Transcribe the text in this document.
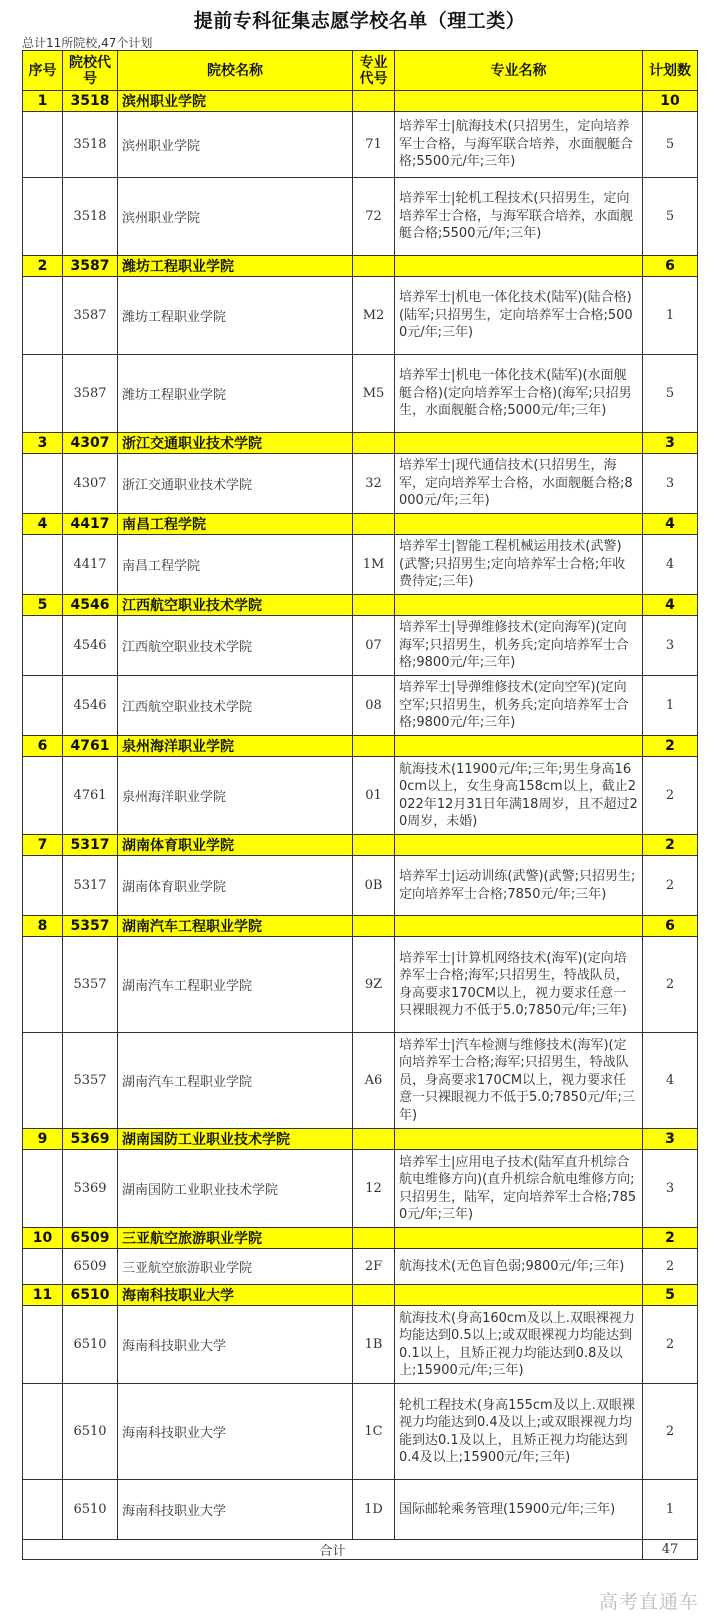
提前专科征集志愿学校名单（理工类）
总计11所院校,47个计划
序号	院校代号	院校名称	专业代号	专业名称	计划数
1	3518	滨州职业学院			10
	3518	滨州职业学院	71	培养军士|航海技术(只招男生，定向培养军士合格，与海军联合培养，水面舰艇合格;5500元/年;三年)	5
	3518	滨州职业学院	72	培养军士|轮机工程技术(只招男生，定向培养军士合格，与海军联合培养，水面舰艇合格;5500元/年;三年)	5
2	3587	潍坊工程职业学院			6
	3587	潍坊工程职业学院	M2	培养军士|机电一体化技术(陆军)(陆合格)(陆军;只招男生，定向培养军士合格;5000元/年;三年)	1
	3587	潍坊工程职业学院	M5	培养军士|机电一体化技术(陆军)(水面舰艇合格)(定向培养军士合格)(海军;只招男生，水面舰艇合格;5000元/年;三年)	5
3	4307	浙江交通职业技术学院			3
	4307	浙江交通职业技术学院	32	培养军士|现代通信技术(只招男生，海军，定向培养军士合格，水面舰艇合格;8000元/年;三年)	3
4	4417	南昌工程学院			4
	4417	南昌工程学院	1M	培养军士|智能工程机械运用技术(武警)(武警;只招男生;定向培养军士合格;年收费待定;三年)	4
5	4546	江西航空职业技术学院			4
	4546	江西航空职业技术学院	07	培养军士|导弹维修技术(定向海军)(定向海军;只招男生，机务兵;定向培养军士合格;9800元/年;三年)	3
	4546	江西航空职业技术学院	08	培养军士|导弹维修技术(定向空军)(定向空军;只招男生，机务兵;定向培养军士合格;9800元/年;三年)	1
6	4761	泉州海洋职业学院			2
	4761	泉州海洋职业学院	01	航海技术(11900元/年;三年;男生身高160cm以上，女生身高158cm以上，截止2022年12月31日年满18周岁，且不超过20周岁，未婚)	2
7	5317	湖南体育职业学院			2
	5317	湖南体育职业学院	0B	培养军士|运动训练(武警)(武警;只招男生;定向培养军士合格;7850元/年;三年)	2
8	5357	湖南汽车工程职业学院			6
	5357	湖南汽车工程职业学院	9Z	培养军士|计算机网络技术(海军)(定向培养军士合格;海军;只招男生，特战队员，身高要求170CM以上，视力要求任意一只裸眼视力不低于5.0;7850元/年;三年)	2
	5357	湖南汽车工程职业学院	A6	培养军士|汽车检测与维修技术(海军)(定向培养军士合格;海军;只招男生，特战队员，身高要求170CM以上，视力要求任意一只裸眼视力不低于5.0;7850元/年;三年)	4
9	5369	湖南国防工业职业技术学院			3
	5369	湖南国防工业职业技术学院	12	培养军士|应用电子技术(陆军直升机综合航电维修方向)(直升机综合航电维修方向;只招男生，陆军，定向培养军士合格;7850元/年;三年)	3
10	6509	三亚航空旅游职业学院			2
	6509	三亚航空旅游职业学院	2F	航海技术(无色盲色弱;9800元/年;三年)	2
11	6510	海南科技职业大学			5
	6510	海南科技职业大学	1B	航海技术(身高160cm及以上.双眼裸视力均能达到0.5以上;或双眼裸视力均能达到0.1以上，且矫正视力均能达到0.8及以上;15900元/年;三年)	2
	6510	海南科技职业大学	1C	轮机工程技术(身高155cm及以上.双眼裸视力均能达到0.4及以上;或双眼裸视力均能到达0.1及以上，且矫正视力均能达到0.4及以上;15900元/年;三年)	2
	6510	海南科技职业大学	1D	国际邮轮乘务管理(15900元/年;三年)	1
合计					47
高考直通车
